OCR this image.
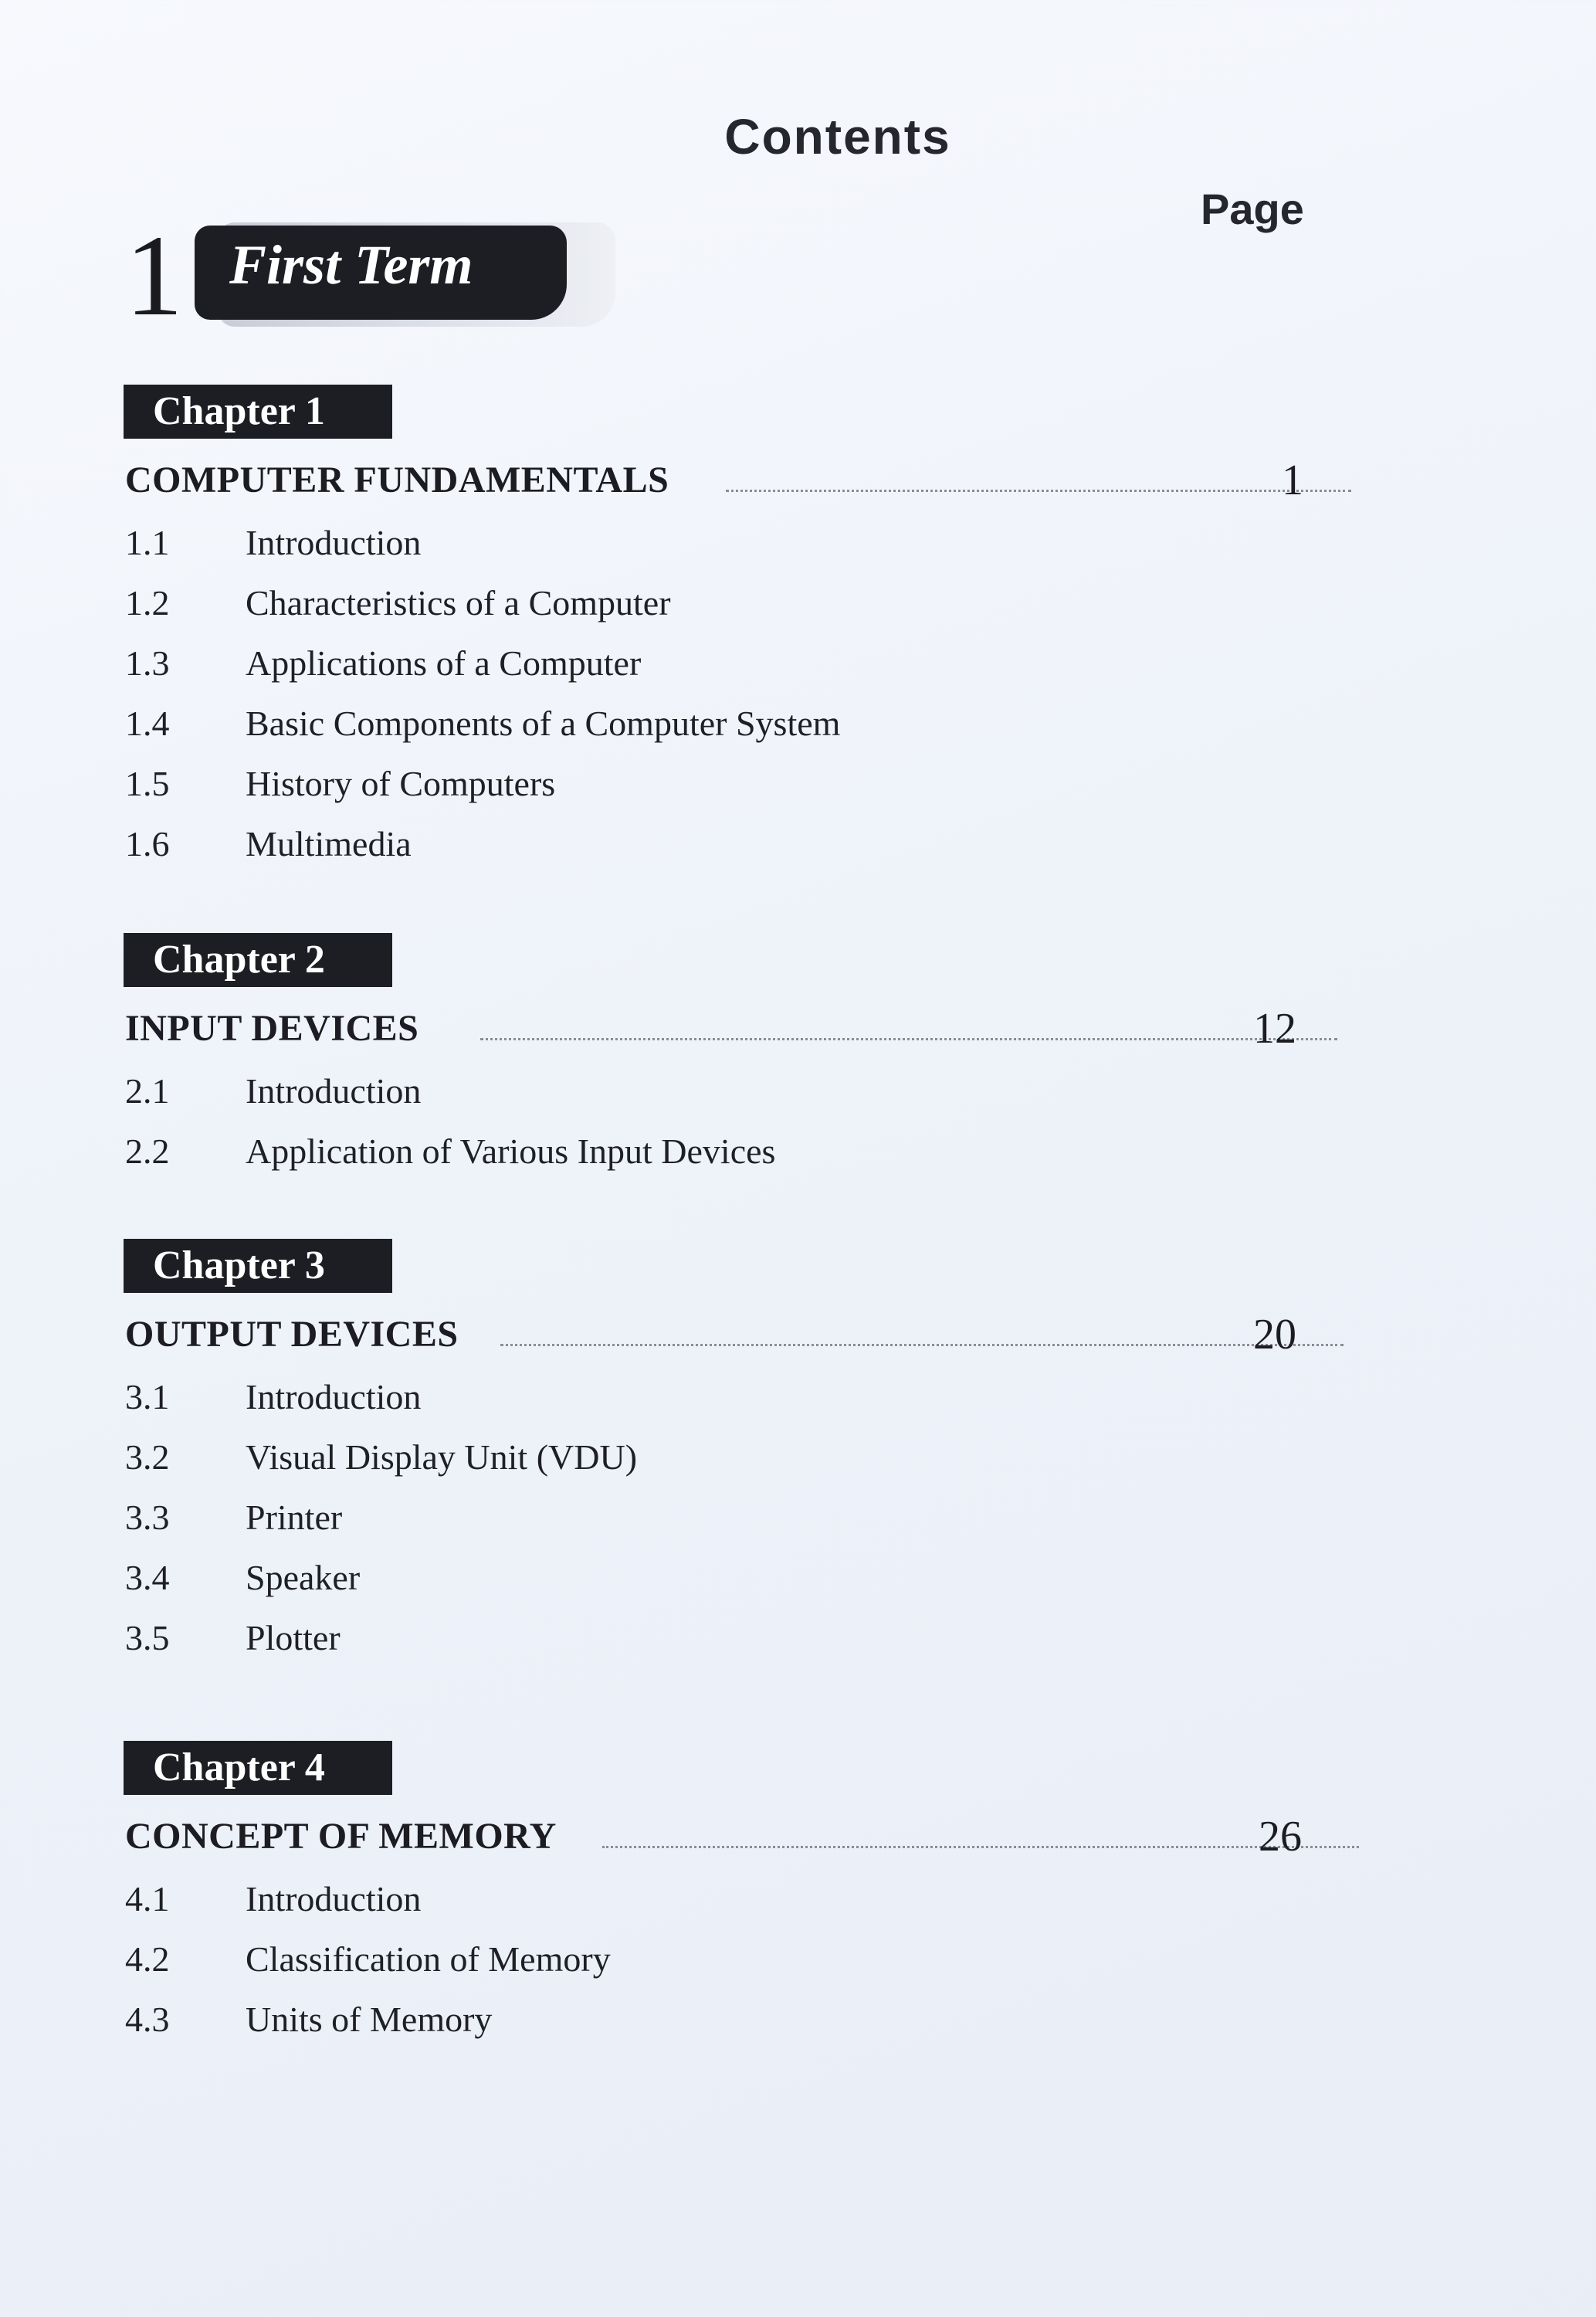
Contents
Page
1 First Term
Chapter 1
COMPUTER FUNDAMENTALS	1
1.1 Introduction
1.2 Characteristics of a Computer
1.3 Applications of a Computer
1.4 Basic Components of a Computer System
1.5 History of Computers
1.6 Multimedia
Chapter 2
INPUT DEVICES	12
2.1 Introduction
2.2 Application of Various Input Devices
Chapter 3
OUTPUT DEVICES	20
3.1 Introduction
3.2 Visual Display Unit (VDU)
3.3 Printer
3.4 Speaker
3.5 Plotter
Chapter 4
CONCEPT OF MEMORY	26
4.1 Introduction
4.2 Classification of Memory
4.3 Units of Memory
